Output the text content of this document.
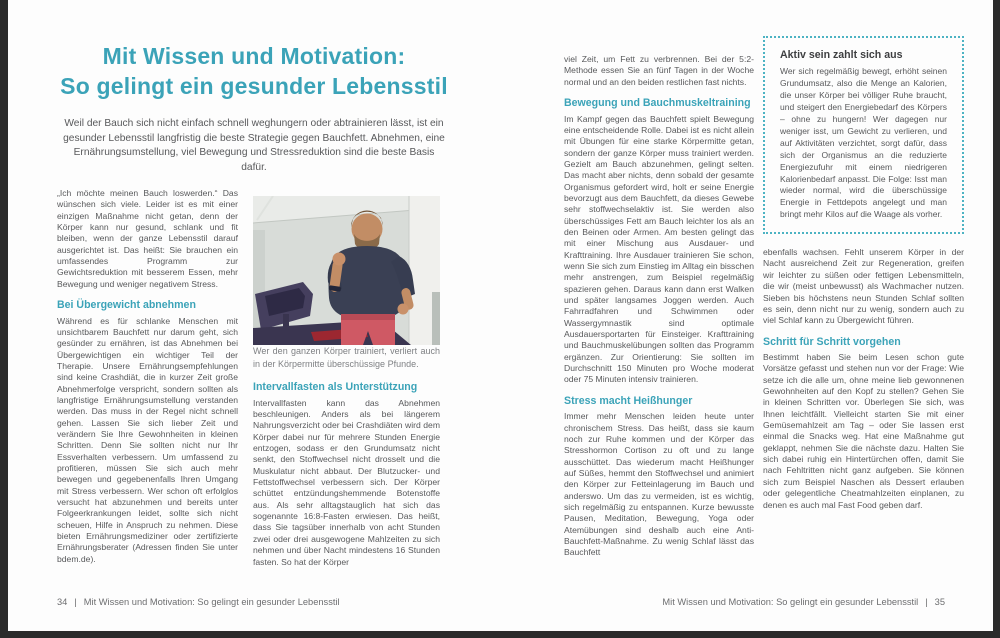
Mit Wissen und Motivation:
So gelingt ein gesunder Lebensstil
Weil der Bauch sich nicht einfach schnell weghungern oder abtrainieren lässt, ist ein gesunder Lebensstil langfristig die beste Strategie gegen Bauchfett. Abnehmen, eine Ernährungsumstellung, viel Bewegung und Stressreduktion sind die beste Basis dafür.

„Ich möchte meinen Bauch loswerden.“ Das wünschen sich viele. Leider ist es mit einer einzigen Maßnahme nicht getan, denn der Körper kann nur gesund, schlank und fit bleiben, wenn der ganze Lebensstil darauf ausgerichtet ist. Das heißt: Sie brauchen ein umfassendes Programm zur Gewichtsreduktion mit besserem Essen, mehr Bewegung und weniger negativem Stress.

Bei Übergewicht abnehmen

Während es für schlanke Menschen mit unsichtbarem Bauchfett nur darum geht, sich gesünder zu ernähren, ist das Abnehmen bei Übergewichtigen ein wichtiger Teil der Therapie. Unsere Ernährungsempfehlungen sind keine Crashdiät, die in kurzer Zeit große Abnehmerfolge verspricht, sondern sollten als langfristige Ernährungsumstellung verstanden werden. Das muss in der Regel nicht schnell gehen. Lassen Sie sich lieber Zeit und verändern Sie Ihre Gewohnheiten in kleinen Schritten. Denn Sie sollten nicht nur Ihr Essverhalten verbessern. Um umfassend zu profitieren, müssen Sie sich auch mehr bewegen und gegebenenfalls Ihren Umgang mit Stress verbessern. Wer schon oft erfolglos versucht hat abzunehmen und bereits unter Folgeerkrankungen leidet, sollte sich nicht scheuen, Hilfe in Anspruch zu nehmen. Diese bieten Ernährungsmediziner oder zertifizierte Ernährungsberater (Adressen finden Sie unter bdem.de).

Wer den ganzen Körper trainiert, verliert auch in der Körpermitte überschüssige Pfunde.

Intervallfasten als Unterstützung

Intervallfasten kann das Abnehmen beschleunigen. Anders als bei längerem Nahrungsverzicht oder bei Crashdiäten wird dem Körper dabei nur für mehrere Stunden Energie entzogen, sodass er den Grundumsatz nicht senkt, den Stoffwechsel nicht drosselt und die Muskulatur nicht abbaut. Der Blutzucker- und Fettstoffwechsel verbessern sich. Der Körper schüttet entzündungshemmende Botenstoffe aus. Als sehr alltagstauglich hat sich das sogenannte 16:8-Fasten erwiesen. Das heißt, dass Sie tagsüber innerhalb von acht Stunden zwei oder drei ausgewogene Mahlzeiten zu sich nehmen und über Nacht mindestens 16 Stunden fasten. So hat der Körper

34 | Mit Wissen und Motivation: So gelingt ein gesunder Lebensstil

viel Zeit, um Fett zu verbrennen. Bei der 5:2-Methode essen Sie an fünf Tagen in der Woche normal und an den beiden restlichen fast nichts.

Bewegung und Bauchmuskeltraining

Im Kampf gegen das Bauchfett spielt Bewegung eine entscheidende Rolle. Dabei ist es nicht allein mit Übungen für eine starke Körpermitte getan, sondern der ganze Körper muss trainiert werden. Gezielt am Bauch abzunehmen, gelingt selten. Das macht aber nichts, denn sobald der gesamte Organismus gefordert wird, holt er seine Energie bevorzugt aus dem Bauchfett, da dieses Gewebe sehr stoffwechselaktiv ist. Sie werden also überschüssiges Fett am Bauch leichter los als an den Beinen oder Armen. Am besten gelingt das mit einer Mischung aus Ausdauer- und Krafttraining. Ihre Ausdauer trainieren Sie schon, wenn Sie sich zum Einstieg im Alltag ein bisschen mehr anstrengen, zum Beispiel regelmäßig spazieren gehen. Daraus kann dann erst Walken und später langsames Joggen werden. Auch Fahrradfahren und Schwimmen oder Wassergymnastik sind optimale Ausdauersportarten für Einsteiger. Krafttraining und Bauchmuskelübungen sollten das Programm ergänzen. Zur Orientierung: Sie sollten im Durchschnitt 150 Minuten pro Woche moderat oder 75 Minuten intensiv trainieren.

Stress macht Heißhunger

Immer mehr Menschen leiden heute unter chronischem Stress. Das heißt, dass sie kaum noch zur Ruhe kommen und der Körper das Stresshormon Cortison zu oft und zu lange ausschüttet. Das wiederum macht Heißhunger auf Süßes, hemmt den Stoffwechsel und animiert den Körper zur Fetteinlagerung im Bauch und anderswo. Um das zu vermeiden, ist es wichtig, sich regelmäßig zu entspannen. Kurze bewusste Pausen, Meditation, Bewegung, Yoga oder Atemübungen sind deshalb auch eine Anti-Bauchfett-Maßnahme. Zu wenig Schlaf lässt das Bauchfett

Aktiv sein zahlt sich aus

Wer sich regelmäßig bewegt, erhöht seinen Grundumsatz, also die Menge an Kalorien, die unser Körper bei völliger Ruhe braucht, und steigert den Energiebedarf des Körpers – ohne zu hungern! Wer dagegen nur weniger isst, um Gewicht zu verlieren, und auf Aktivitäten verzichtet, sorgt dafür, dass sich der Organismus an die reduzierte Energiezufuhr mit einem niedrigeren Kalorienbedarf anpasst. Die Folge: Isst man wieder normal, wird die überschüssige Energie in Fettdepots angelegt und man bringt mehr Kilos auf die Waage als vorher.

ebenfalls wachsen. Fehlt unserem Körper in der Nacht ausreichend Zeit zur Regeneration, greifen wir leichter zu süßen oder fettigen Lebensmitteln, die wir (meist unbewusst) als Wachmacher nutzen. Sieben bis höchstens neun Stunden Schlaf sollten es sein, denn nicht nur zu wenig, sondern auch zu viel Schlaf kann zu Übergewicht führen.

Schritt für Schritt vorgehen

Bestimmt haben Sie beim Lesen schon gute Vorsätze gefasst und stehen nun vor der Frage: Wie setze ich die alle um, ohne meine lieb gewonnenen Gewohnheiten auf den Kopf zu stellen? Gehen Sie in kleinen Schritten vor. Überlegen Sie sich, was Ihnen leichtfällt. Vielleicht starten Sie mit einer Gemüsemahlzeit am Tag – oder Sie lassen erst einmal die Snacks weg. Hat eine Maßnahme gut geklappt, nehmen Sie die nächste dazu. Halten Sie sich dabei ruhig ein Hintertürchen offen, damit Sie nach Fehltritten nicht ganz aufgeben. Sie können sich zum Beispiel Naschen als Dessert erlauben oder gelegentliche Cheatmahlzeiten einplanen, zu denen es auch mal Fast Food geben darf.

Mit Wissen und Motivation: So gelingt ein gesunder Lebensstil | 35
